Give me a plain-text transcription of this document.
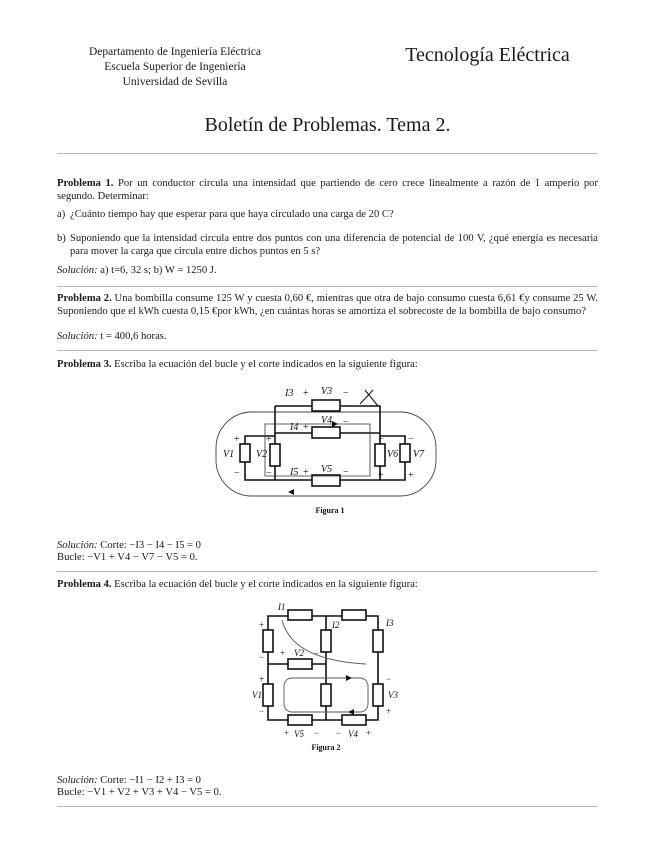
Departamento de Ingeniería Eléctrica
Escuela Superior de Ingeniería
Universidad de Sevilla
Tecnología Eléctrica
Boletín de Problemas. Tema 2.
Problema 1. Por un conductor circula una intensidad que partiendo de cero crece linealmente a razón de 1 amperio por segundo. Determinar:
a) ¿Cuánto tiempo hay que esperar para que haya circulado una carga de 20 C?
b) Suponiendo que la intensidad circula entre dos puntos con una diferencia de potencial de 100 V, ¿qué energía es necesaria para mover la carga que circula entre dichos puntos en 5 s?
Solución: a) t=6, 32 s; b) W = 1250 J.
Problema 2. Una bombilla consume 125 W y cuesta 0,60 €, mientras que otra de bajo consumo cuesta 6,61 €y consume 25 W. Suponiendo que el kWh cuesta 0,15 €por kWh, ¿en cuántas horas se amortiza el sobrecoste de la bombilla de bajo consumo?
Solución: t = 400,6 horas.
Problema 3. Escriba la ecuación del bucle y el corte indicados en la siguiente figura:
I3	V3
I4
V4
I5 V5
V1 V2	V6 V7
+	−
+	−
+	−
+
−
+
−
−
+
−
+
Figura 1
Solución: Corte: −I3 − I4 − I5 = 0
Bucle: −V1 + V4 − V7 − V5 = 0.
Problema 4. Escriba la ecuación del bucle y el corte indicados en la siguiente figura:
I1
I2	I3
V1
V2
V3
V4
V5
+
− +	−
+
−
−
+
+	− −	+
Figura 2
Solución: Corte: −I1 − I2 + I3 = 0
Bucle: −V1 + V2 + V3 + V4 − V5 = 0.
